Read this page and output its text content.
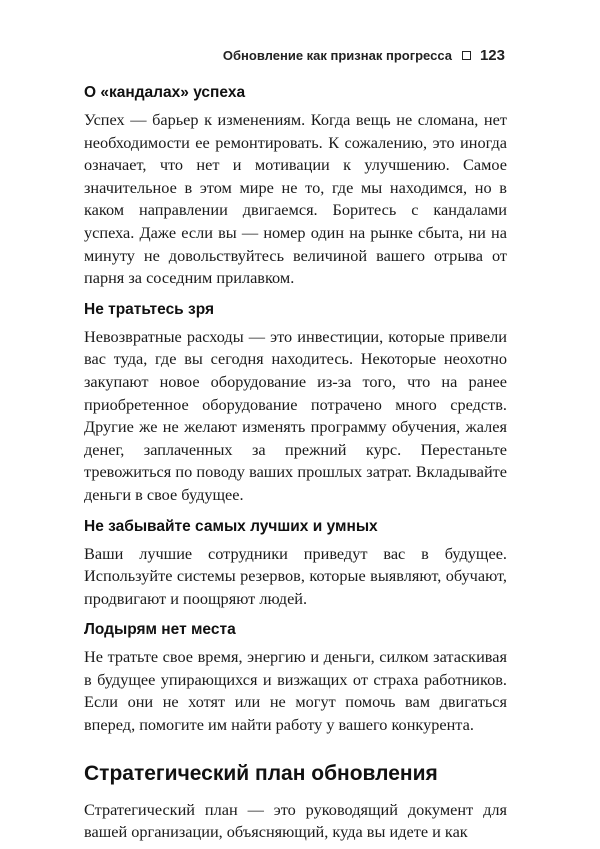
Обновление как признак прогресса 123
О «кандалах» успеха

Успех — барьер к изменениям. Когда вещь не сломана, нет необходимости ее ремонтировать. К сожалению, это иногда означает, что нет и мотивации к улучшению. Самое значительное в этом мире не то, где мы находимся, но в каком направлении двигаемся. Боритесь с кандалами успеха. Даже если вы — номер один на рынке сбыта, ни на минуту не довольствуйтесь величиной вашего отрыва от парня за соседним прилавком.

Не тратьтесь зря

Невозвратные расходы — это инвестиции, которые привели вас туда, где вы сегодня находитесь. Некоторые неохотно закупают новое оборудование из-за того, что на ранее приобретенное оборудование потрачено много средств. Другие же не желают изменять программу обучения, жалея денег, заплаченных за прежний курс. Перестаньте тревожиться по поводу ваших прошлых затрат. Вкладывайте деньги в свое будущее.

Не забывайте самых лучших и умных

Ваши лучшие сотрудники приведут вас в будущее. Используйте системы резервов, которые выявляют, обучают, продвигают и поощряют людей.

Лодырям нет места

Не тратьте свое время, энергию и деньги, силком затаскивая в будущее упирающихся и визжащих от страха работников. Если они не хотят или не могут помочь вам двигаться вперед, помогите им найти работу у вашего конкурента.

Стратегический план обновления

Стратегический план — это руководящий документ для вашей организации, объясняющий, куда вы идете и как
